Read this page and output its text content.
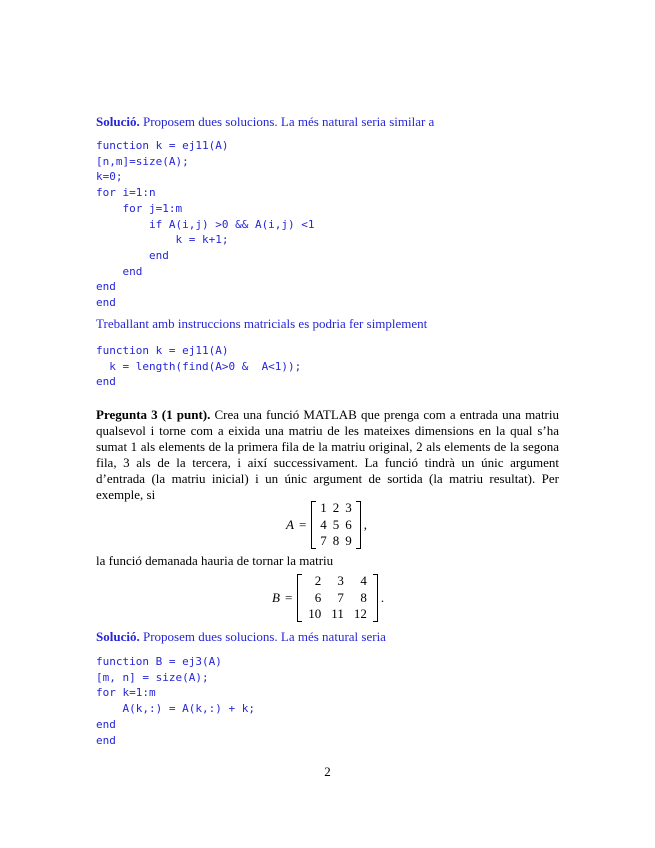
Solució. Proposem dues solucions. La més natural seria similar a
function k = ej11(A)
[n,m]=size(A);
k=0;
for i=1:n
for j=1:m
if A(i,j) >0 && A(i,j) <1
k = k+1;
end
end
end
end
Treballant amb instruccions matricials es podria fer simplement
function k = ej11(A)
k = length(find(A>0 &  A<1));
end
Pregunta 3 (1 punt). Crea una funció MATLAB que prenga com a entrada una matriu qualsevol i torne com a eixida una matriu de les mateixes dimensions en la qual s’ha sumat 1 als elements de la primera fila de la matriu original, 2 als elements de la segona fila, 3 als de la tercera, i així successivament. La funció tindrà un únic argument d’entrada (la matriu inicial) i un únic argument de sortida (la matriu resultat). Per exemple, si
A =
1	2	3
4	5	6
7	8	9
,
la funció demanada hauria de tornar la matriu
B =
2	3	4
6	7	8
10	11	12
.
Solució. Proposem dues solucions. La més natural seria
function B = ej3(A)
[m, n] = size(A);
for k=1:m
A(k,:) = A(k,:) + k;
end
end
2
